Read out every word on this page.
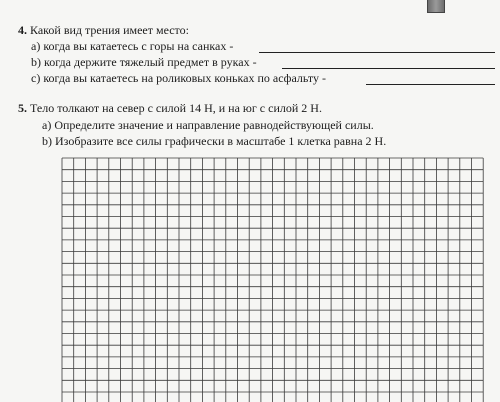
4. Какой вид трения имеет место:
a) когда вы катаетесь с горы на санках -
b) когда держите тяжелый предмет в руках -
c) когда вы катаетесь на роликовых коньках по асфальту -
5. Тело толкают на север с силой 14 Н, и на юг с силой 2 Н.
a) Определите значение и направление равнодействующей силы.
b) Изобразите все силы графически в масштабе 1 клетка равна 2 Н.
